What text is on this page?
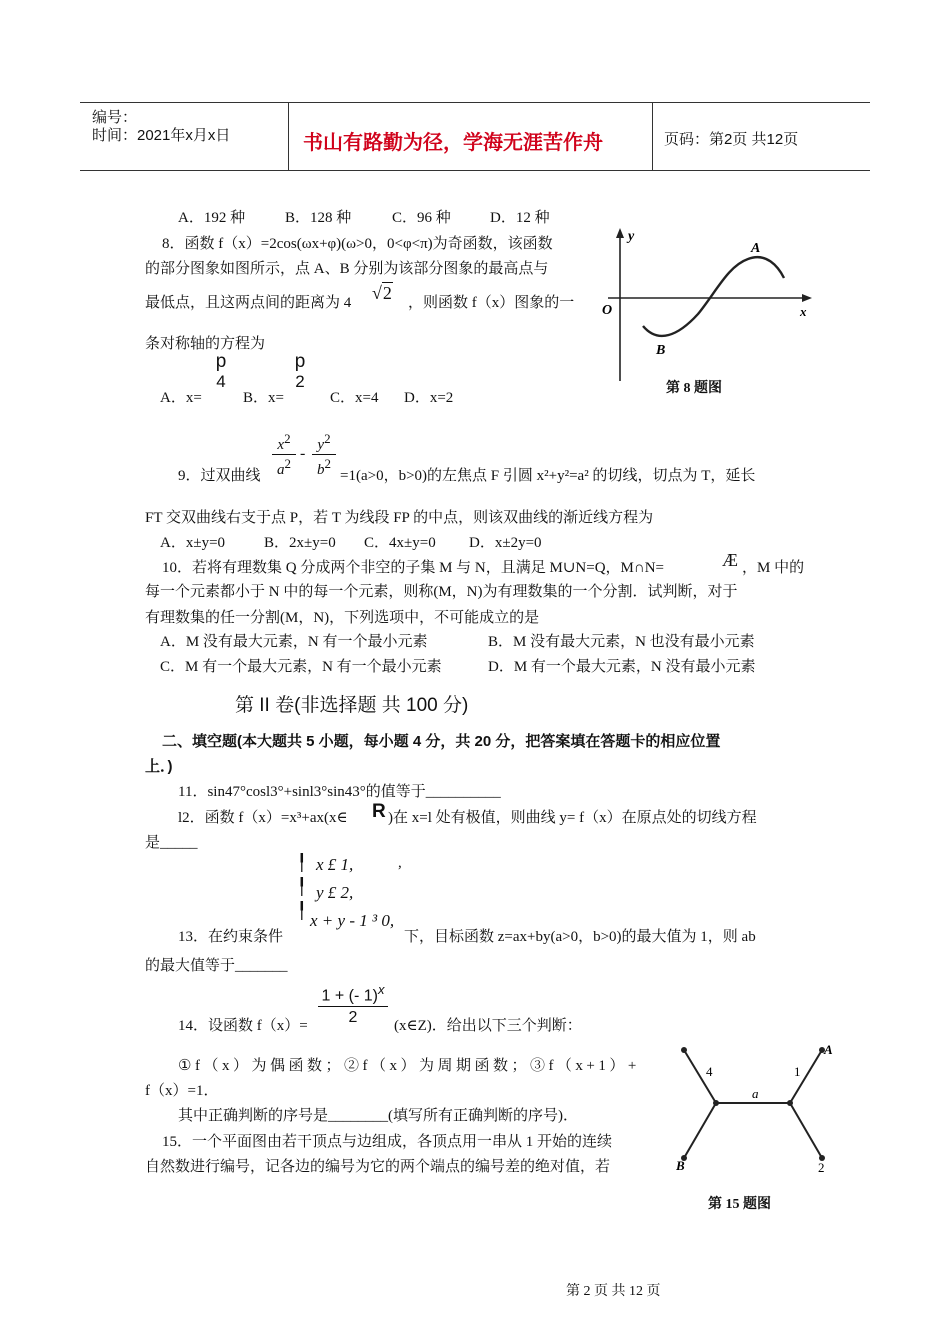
编号：
时间：2021年x月x日	书山有路勤为径，学海无涯苦作舟	页码：第2页 共12页
A．192 种	B．128 种	C．96 种	D．12 种
8．函数 f（x）=2cos(ωx+φ)(ω>0，0<φ<π)为奇函数，该函数
的部分图象如图所示，点 A、B 分别为该部分图象的最高点与
最低点，且这两点间的距离为 4 √2 ，则函数 f（x）图象的一
条对称轴的方程为
p
4
p
2
A．x=	B．x=	C．x=4 D．x=2
y
x
O
A
B
第 8 题图
$\frac{x^2}{a^2} - \frac{y^2}{b^2}$
9．过双曲线	=1(a>0，b>0)的左焦点 F 引圆 x²+y²=a² 的切线，切点为 T，延长
FT 交双曲线右支于点 P，若 T 为线段 FP 的中点，则该双曲线的渐近线方程为
A．x±y=0	B．2x±y=0 C．4x±y=0 D．x±2y=0
10．若将有理数集 Q 分成两个非空的子集 M 与 N，且满足 M∪N=Q，M∩N=	Æ ，M 中的
每一个元素都小于 N 中的每一个元素，则称(M，N)为有理数集的一个分割．试判断，对于
有理数集的任一分割(M，N)，下列选项中，不可能成立的是
A．M 没有最大元素，N 有一个最小元素	B．M 没有最大元素，N 也没有最小元素
C．M 有一个最大元素，N 有一个最小元素	D．M 有一个最大元素，N 没有最小元素
第 II 卷(非选择题 共 100 分)
二、填空题(本大题共 5 小题，每小题 4 分，共 20 分，把答案填在答题卡的相应位置
上．)
11．sin47°cosl3°+sinl3°sin43°的值等于__________
l2．函数 f（x）=x³+ax(x∈ R )在 x=l 处有极值，则曲线 y= f（x）在原点处的切线方程
是_____
╿
╿
╿
x £ 1,	,
y £ 2,
x + y - 1 ³ 0,
13．在约束条件	下，目标函数 z=ax+by(a>0，b>0)的最大值为 1，则 ab
的最大值等于_______
$\frac{1 + (- 1)^x}{2}$
14．设函数 f（x）=	(x∈Z)．给出以下三个判断：
①f（x）为偶函数；②f（x）为周期函数；③f（x+1）+
f（x）=1．
其中正确判断的序号是________(填写所有正确判断的序号)．
15．一个平面图由若干顶点与边组成，各顶点用一串从 1 开始的连续
自然数进行编号，记各边的编号为它的两个端点的编号差的绝对值，若
4	1
a
A
2
B
第 15 题图
第 2 页 共 12 页
